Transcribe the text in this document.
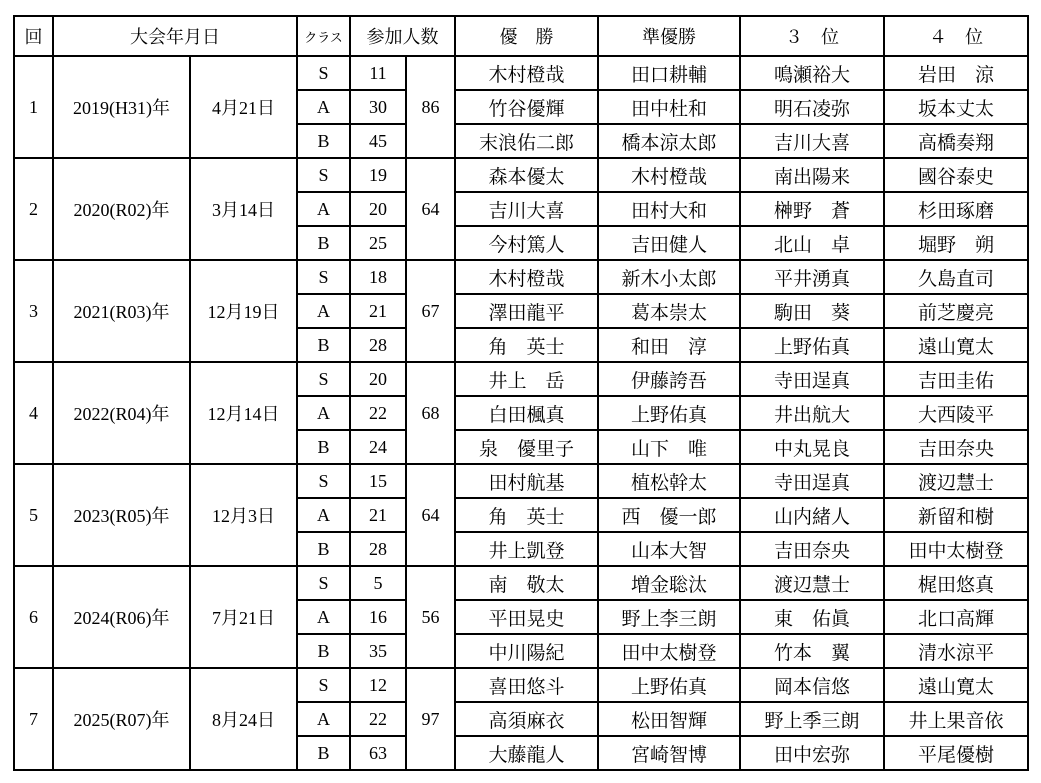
回	大会年月日		クラス	参加人数		優　勝	準優勝	３　位	４　位
1	2019(H31)年	4月21日	S	11	86	木村橙哉	田口耕輔	鳴瀬裕大	岩田　涼
			A	30		竹谷優輝	田中杜和	明石凌弥	坂本丈太
			B	45		末浪佑二郎	橋本涼太郎	吉川大喜	高橋奏翔
2	2020(R02)年	3月14日	S	19	64	森本優太	木村橙哉	南出陽来	國谷泰史
			A	20		吉川大喜	田村大和	榊野　蒼	杉田琢磨
			B	25		今村篤人	吉田健人	北山　卓	堀野　朔
3	2021(R03)年	12月19日	S	18	67	木村橙哉	新木小太郎	平井湧真	久島直司
			A	21		澤田龍平	葛本崇太	駒田　葵	前芝慶亮
			B	28		角　英士	和田　淳	上野佑真	遠山寛太
4	2022(R04)年	12月14日	S	20	68	井上　岳	伊藤誇吾	寺田逞真	吉田圭佑
			A	22		白田楓真	上野佑真	井出航大	大西陵平
			B	24		泉　優里子	山下　唯	中丸晃良	吉田奈央
5	2023(R05)年	12月3日	S	15	64	田村航基	植松幹太	寺田逞真	渡辺慧士
			A	21		角　英士	西　優一郎	山内緒人	新留和樹
			B	28		井上凱登	山本大智	吉田奈央	田中太樹登
6	2024(R06)年	7月21日	S	5	56	南　敬太	増金聡汰	渡辺慧士	梶田悠真
			A	16		平田晃史	野上李三朗	東　佑眞	北口高輝
			B	35		中川陽紀	田中太樹登	竹本　翼	清水涼平
7	2025(R07)年	8月24日	S	12	97	喜田悠斗	上野佑真	岡本信悠	遠山寛太
			A	22		高須麻衣	松田智輝	野上季三朗	井上果音依
			B	63		大藤龍人	宮崎智博	田中宏弥	平尾優樹
